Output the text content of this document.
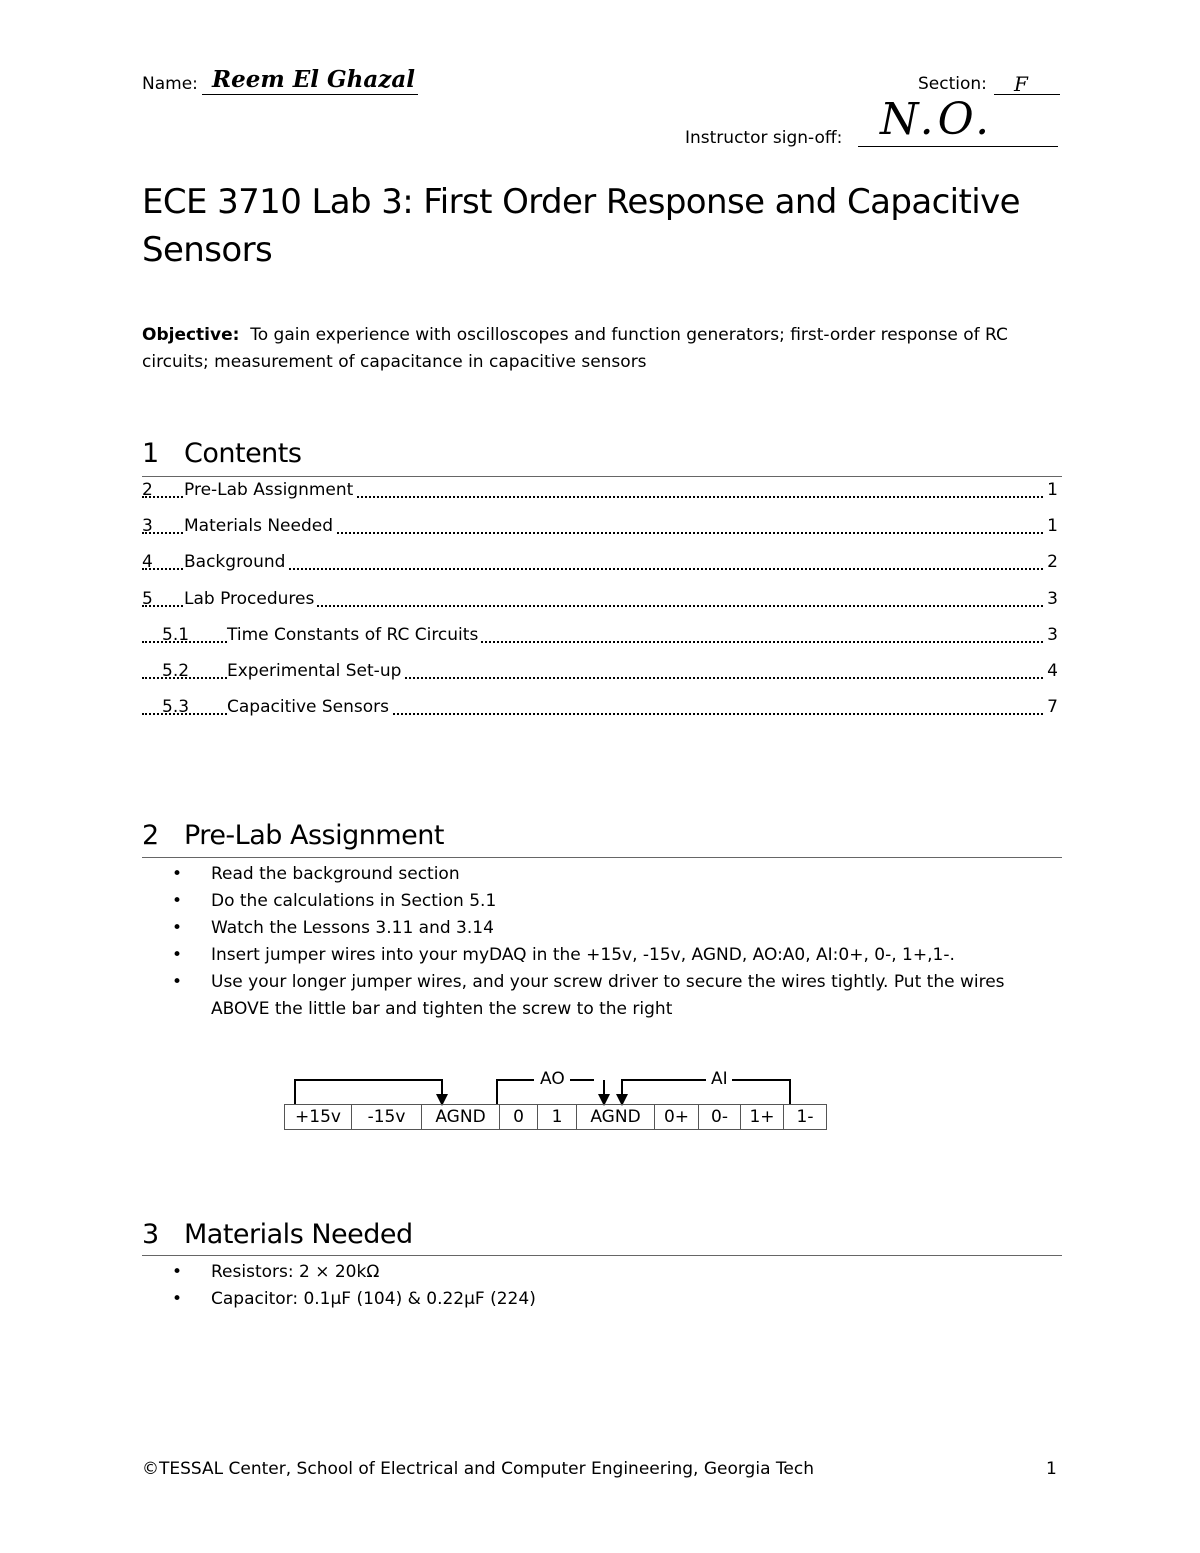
Name: Reem El Ghazal	Section: F
Instructor sign-off: N.O.
ECE 3710 Lab 3: First Order Response and Capacitive Sensors
Objective: To gain experience with oscilloscopes and function generators; first-order response of RC circuits; measurement of capacitance in capacitive sensors
1 Contents
2 Pre-Lab Assignment	1
3 Materials Needed	1
4 Background	2
5 Lab Procedures	3
5.1 Time Constants of RC Circuits	3
5.2 Experimental Set-up	4
5.3 Capacitive Sensors	7
2 Pre-Lab Assignment
• Read the background section
• Do the calculations in Section 5.1
• Watch the Lessons 3.11 and 3.14
• Insert jumper wires into your myDAQ in the +15v, -15v, AGND, AO:A0, AI:0+, 0-, 1+,1-.
• Use your longer jumper wires, and your screw driver to secure the wires tightly. Put the wires ABOVE the little bar and tighten the screw to the right
AO	AI
+15v	-15v	AGND	0	1	AGND	0+	0-	1+	1-
3 Materials Needed
• Resistors: 2 × 20kΩ
• Capacitor: 0.1µF (104) & 0.22µF (224)
©TESSAL Center, School of Electrical and Computer Engineering, Georgia Tech	1
